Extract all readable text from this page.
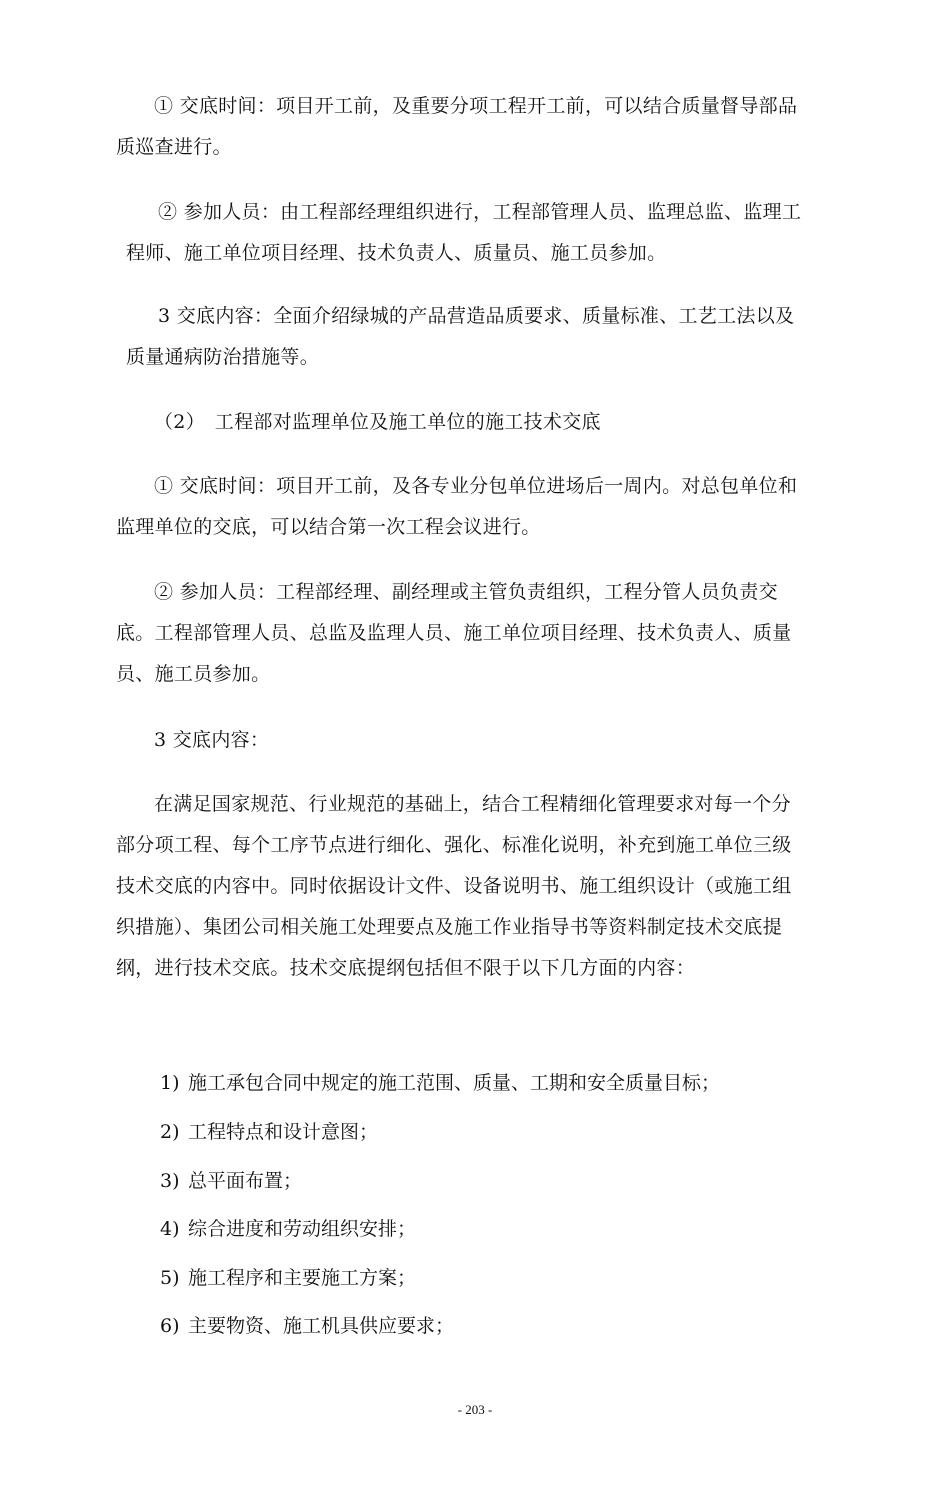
① 交底时间：项目开工前，及重要分项工程开工前，可以结合质量督导部品质巡查进行。

② 参加人员：由工程部经理组织进行，工程部管理人员、监理总监、监理工程师、施工单位项目经理、技术负责人、质量员、施工员参加。

3 交底内容：全面介绍绿城的产品营造品质要求、质量标准、工艺工法以及质量通病防治措施等。

（2）　工程部对监理单位及施工单位的施工技术交底

① 交底时间：项目开工前，及各专业分包单位进场后一周内。对总包单位和监理单位的交底，可以结合第一次工程会议进行。

② 参加人员：工程部经理、副经理或主管负责组织，工程分管人员负责交底。工程部管理人员、总监及监理人员、施工单位项目经理、技术负责人、质量员、施工员参加。

3 交底内容：

在满足国家规范、行业规范的基础上，结合工程精细化管理要求对每一个分部分项工程、每个工序节点进行细化、强化、标准化说明，补充到施工单位三级技术交底的内容中。同时依据设计文件、设备说明书、施工组织设计（或施工组织措施）、集团公司相关施工处理要点及施工作业指导书等资料制定技术交底提纲，进行技术交底。技术交底提纲包括但不限于以下几方面的内容：

1) 施工承包合同中规定的施工范围、质量、工期和安全质量目标；
2) 工程特点和设计意图；
3) 总平面布置；
4) 综合进度和劳动组织安排；
5) 施工程序和主要施工方案；
6) 主要物资、施工机具供应要求；
- 203 -
